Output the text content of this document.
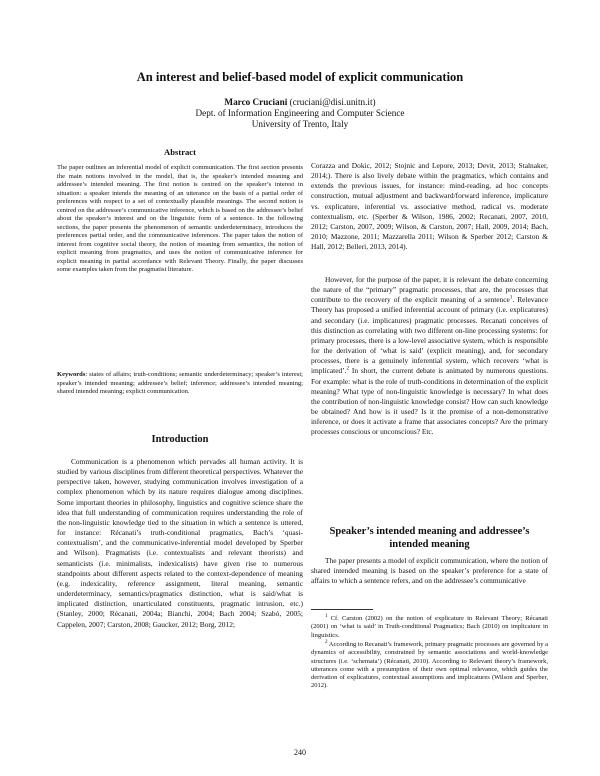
An interest and belief-based model of explicit communication
Marco Cruciani (cruciani@disi.unitn.it)
Dept. of Information Engineering and Computer Science
University of Trento, Italy
Abstract
The paper outlines an inferential model of explicit communication. The first section presents the main notions involved in the model, that is, the speaker’s intended meaning and addressee’s intended meaning. The first notion is centred on the speaker’s interest in situation: a speaker intends the meaning of an utterance on the basis of a partial order of preferences with respect to a set of contextually plausible meanings. The second notion is centred on the addressee’s communicative inference, which is based on the addressee’s belief about the speaker’s interest and on the linguistic form of a sentence. In the following sections, the paper presents the phenomenon of semantic underdeterminacy, introduces the preferences partial order, and the communicative inferences. The paper takes the notion of interest from cognitive social theory, the notion of meaning from semantics, the notion of explicit meaning from pragmatics, and uses the notion of communicative inference for explicit meaning in partial accordance with Relevant Theory. Finally, the paper discusses some examples taken from the pragmatist literature.
Keywords: states of affairs; truth-conditions; semantic underdeterminacy; speaker’s interest; speaker’s intended meaning; addressee’s belief; inference; addressee’s intended meaning; shared intended meaning; explicit communication.
Introduction
Communication is a phenomenon which pervades all human activity. It is studied by various disciplines from different theoretical perspectives. Whatever the perspective taken, however, studying communication involves investigation of a complex phenomenon which by its nature requires dialogue among disciplines. Some important theories in philosophy, linguistics and cognitive science share the idea that full understanding of communication requires understanding the role of the non-linguistic knowledge tied to the situation in which a sentence is uttered, for instance: Récanati’s truth-conditional pragmatics, Bach’s ‘quasi-contextualism’, and the communicative-inferential model developed by Sperber and Wilson). Pragmatists (i.e. contextualists and relevant theorists) and semanticists (i.e. minimalists, indexicalists) have given rise to numerous standpoints about different aspects related to the context-dependence of meaning (e.g. indexicality, reference assignment, literal meaning, semantic underdeterminacy, semantics/pragmatics distinction, what is said/what is implicated distinction, unarticulated constituents, pragmatic intrusion, etc.) (Stanley, 2000; Récanati, 2004a; Bianchi, 2004; Bach 2004; Szabó, 2005; Cappelen, 2007; Carston, 2008; Gaucker, 2012; Borg, 2012;
Corazza and Dokic, 2012; Stojnic and Lepore, 2013; Devit, 2013; Stalnaker, 2014;). There is also lively debate within the pragmatics, which contains and extends the previous issues, for instance: mind-reading, ad hoc concepts construction, mutual adjustment and backward/forward inference, implicature vs. explicature, inferential vs. associative method, radical vs. moderate contextualism, etc. (Sperber & Wilson, 1986, 2002; Recanati, 2007, 2010, 2012; Carston, 2007, 2009; Wilson, & Carston, 2007; Hall, 2009, 2014; Bach, 2010; Mazzone, 2011; Mazzarella 2011; Wilson & Sperber 2012; Carston & Hall, 2012; Belleri, 2013, 2014).
However, for the purpose of the paper, it is relevant the debate concerning the nature of the “primary” pragmatic processes, that are, the processes that contribute to the recovery of the explicit meaning of a sentence$^1$. Relevance Theory has proposed a unified inferential account of primary (i.e. explicatures) and secondary (i.e. implicatures) pragmatic processes. Recanati conceives of this distinction as correlating with two different on-line processing systems: for primary processes, there is a low-level associative system, which is responsible for the derivation of ‘what is said’ (explicit meaning), and, for secondary processes, there is a genuinely inferential system, which recovers ‘what is implicated’.$^2$ In short, the current debate is animated by numerous questions. For example: what is the role of truth-conditions in determination of the explicit meaning? What type of non-linguistic knowledge is necessary? In what does the contribution of non-linguistic knowledge consist? How can such knowledge be obtained? And how is it used? Is it the premise of a non-demonstrative inference, or does it activate a frame that associates concepts? Are the primary processes conscious or unconscious? Etc.
Speaker’s intended meaning and addressee’s intended meaning
The paper presents a model of explicit communication, where the notion of shared intended meaning is based on the speaker’s preference for a state of affairs to which a sentence refers, and on the addressee’s communicative
$^1$ Cf. Carston (2002) on the notion of explicature in Relevant Theory; Récanati (2001) on ‘what is said’ in Truth-conditional Pragmatics; Bach (2010) on implicature in linguistics.
$^2$ According to Recanati’s framework, primary pragmatic processes are governed by a dynamics of accessibility, constrained by semantic associations and world-knowledge structures (i.e. ‘schemata’) (Récanati, 2010). According to Relevant theory’s framework, utterances come with a presumption of their own optimal relevance, which guides the derivation of explicatures, contextual assumptions and implicatures (Wilson and Sperber, 2012).
240
